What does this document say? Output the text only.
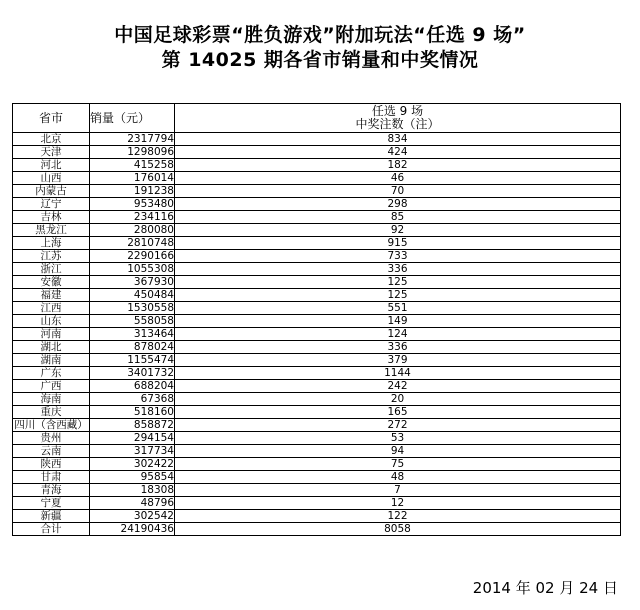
中国足球彩票“胜负游戏”附加玩法“任选 9 场”
第 14025 期各省市销量和中奖情况
省市	销量（元）	任选 9 场
中奖注数（注）

北京	2317794	834
天津	1298096	424
河北	415258	182
山西	176014	46
内蒙古	191238	70
辽宁	953480	298
吉林	234116	85
黑龙江	280080	92
上海	2810748	915
江苏	2290166	733
浙江	1055308	336
安徽	367930	125
福建	450484	125
江西	1530558	551
山东	558058	149
河南	313464	124
湖北	878024	336
湖南	1155474	379
广东	3401732	1144
广西	688204	242
海南	67368	20
重庆	518160	165
四川（含西藏）	858872	272
贵州	294154	53
云南	317734	94
陕西	302422	75
甘肃	95854	48
青海	18308	7
宁夏	48796	12
新疆	302542	122
合计	24190436	8058
2014 年 02 月 24 日
